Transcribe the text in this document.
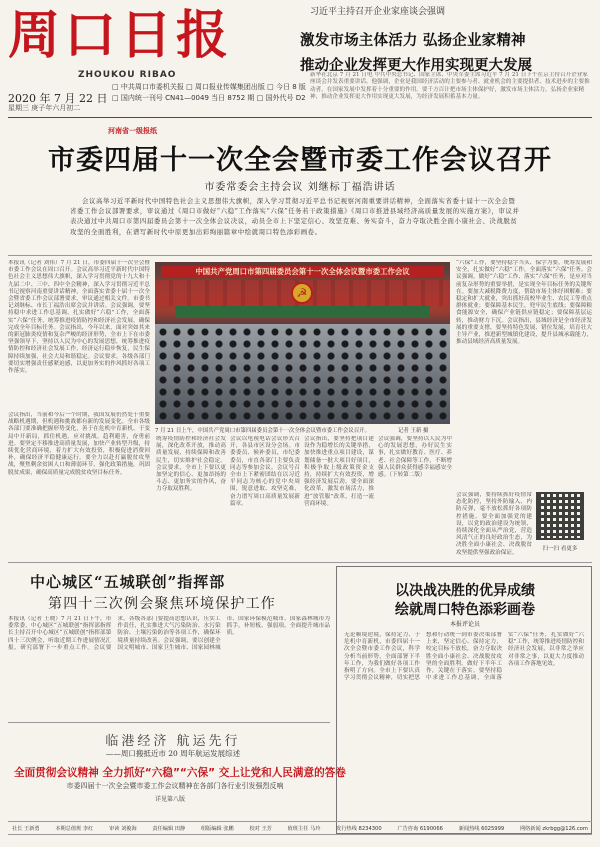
周口日报
ZHOUKOU RIBAO
2020 年 7 月 22 日
星期三 庚子年六月初二
□ 中共周口市委机关报 □ 周口报业传媒集团出版 □ 今日 8 版
□ 国内统一刊号 CN41—0049 当日 8752 期 □ 国外代号 D2
习近平主持召开企业家座谈会强调
激发市场主体活力 弘扬企业家精神
推动企业发挥更大作用实现更大发展
新华社北京 7 月 21 日电 中共中央总书记、国家主席、中央军委主席习近平 7 月 21 日下午在京主持召开企业家座谈会并发表重要讲话。他强调，企业是我国经济活动的主要参与者、就业机会的主要提供者、技术进步的主要推动者，在国家发展中发挥着十分重要的作用。要千方百计把市场主体保护好，激发市场主体活力，弘扬企业家精神，推动企业发挥更大作用实现更大发展，为经济发展积蓄基本力量。
河南省一级报纸
市委四届十一次全会暨市委工作会议召开
市委常委会主持会议 刘继标丁福浩讲话
会议高举习近平新时代中国特色社会主义思想伟大旗帜，深入学习贯彻习近平总书记视察河南重要讲话精神，全面落实省委十届十一次全会暨省委工作会议部署要求，审议通过《周口市做好“六稳”工作落实“六保”任务若干政策措施》《周口市推进县域经济高质量发展的实施方案》，审议并表决通过中共周口市第四届委员会第十一次全体会议决议，动员全市上下坚定信心、攻坚克难、务实奋斗，奋力夺取决胜全面小康社会、决战脱贫攻坚的全面胜利，在谱写新时代中原更加出彩绚丽篇章中绘就周口特色添彩画卷。
本报讯（记者 刘伟）7 月 21 日，市委四届十一次全会暨市委工作会议在周口召开。会议高举习近平新时代中国特色社会主义思想伟大旗帜，深入学习贯彻党的十九大和十九届二中、三中、四中全会精神，深入学习贯彻习近平总书记视察河南重要讲话精神，全面落实省委十届十一次全会暨省委工作会议部署要求，审议通过相关文件。市委书记刘继标、市长丁福浩出席会议并讲话。会议强调，要坚持稳中求进工作总基调，扎实做好“六稳”工作，全面落实“六保”任务，统筹推进疫情防控和经济社会发展，确保完成全年目标任务。会议指出，今年以来，面对突如其来的新冠肺炎疫情和复杂严峻的经济形势，全市上下在市委坚强领导下，坚持以人民为中心的发展思想，统筹推进疫情防控和经济社会发展工作，经济运行稳步恢复，民生保障持续加强，社会大局和谐稳定。会议要求，各级各部门要切实增强责任感紧迫感，以更加务实的作风抓好各项工作落实。
会议指出，当前和今后一个时期，我国发展仍然处于重要战略机遇期，但机遇和挑战都有新的发展变化。全市各级各部门要准确把握形势变化，善于在危机中育新机、于变局中开新局，抓住机遇，应对挑战，趋利避害，奋勇前进。要坚定不移推进高质量发展，加快产业转型升级，持续优化营商环境，着力扩大有效投资，积极促进消费回补，确保经济平稳健康运行。要全力以赴打赢脱贫攻坚战，聚焦剩余贫困人口和薄弱环节，强化政策措施，巩固脱贫成果，确保高质量完成脱贫攻坚目标任务。
中国共产党周口市第四届委员会第十一次全体会议暨市委工作会议
☭
7 月 21 日上午，中国共产党周口市第四届委员会第十一次全体会议暨市委工作会议召开。	记者 王新 摄
“六保”工作，要坚持稳字当头、保字为要，统筹发展和安全，扎实做好“六稳”工作，全面落实“六保”任务。会议强调，做好“六稳”工作、落实“六保”任务，是应对当前复杂形势的重要举措，是实现全年目标任务的关键所在。要加大减税降费力度，帮助市场主体纾困解难；要稳定和扩大就业，突出抓好高校毕业生、农民工等重点群体就业；要保障基本民生，兜牢民生底线；要保障粮食能源安全，确保产业链供应链稳定；要保障基层运转，推动财力下沉。会议指出，县域经济是全市经济发展的重要支撑，要坚持特色发展、错位发展，培育壮大主导产业，推进新型城镇化建设，提升县城承载能力，推动县域经济高质量发展。
会议强调，要持续抓好疫情常态化防控，坚持外防输入、内防反弹，毫不放松抓好各项防控措施。要全面加强党的建设，以党的政治建设为统领，持续深化全面从严治党，营造风清气正的良好政治生态，为决胜全面小康社会、决战脱贫攻坚提供坚强政治保证。
扫一扫 看更多
统筹疫情防控和经济社会发展，深化改革开放，推动高质量发展，持续保障和改善民生，切实维护社会稳定。会议要求，全市上下要以更加坚定的信心、更加昂扬的斗志、更加务实的作风，奋力夺取双胜利。
会议以电视电话会议形式召开，各县市区设分会场。市委委员、候补委员，市纪委委员，市直各部门主要负责同志等参加会议。会议号召全市上下紧密团结在以习近平同志为核心的党中央周围，锐意进取、攻坚克难，奋力谱写周口高质量发展新篇章。
会议指出，要坚持把项目建设作为稳增长的关键举措，加快推进重点项目建设，谋划储备一批大项目好项目，积极争取上级政策资金支持，持续扩大有效投资，增强经济发展后劲。要全面深化改革，激发市场活力，推进“放管服”改革，打造一流营商环境。
会议强调，要坚持以人民为中心的发展思想，办好民生实事，扎实做好教育、医疗、养老、社会保障等工作，不断增强人民群众获得感幸福感安全感。（下转第二版）
中心城区“五城联创”指挥部
第四十三次例会聚焦环境保护工作
本报讯（记者 王晓）7 月 21 日下午，市委常委、中心城区“五城联创”指挥部指挥长主持召开中心城区“五城联创”指挥部第四十三次例会，听取近期工作进展情况汇报，研究部署下一步重点工作。会议要求，各级各部门要提高思想认识，压实工作责任，扎实推进大气污染防治、水污染防治、土壤污染防治等各项工作，确保环境质量持续改善。会议强调，要以创建全国文明城市、国家卫生城市、国家园林城市、国家环保模范城市、国家森林城市为抓手，补短板、强弱项，全面提升城市品质。
以决战决胜的优异成绩
绘就周口特色添彩画卷
本报评论员
无论顺境逆境，保持定力、于危机中育新机，市委四届十一次全会暨市委工作会议，科学分析当前形势，全面部署下半年工作，为我们做好各项工作指明了方向。全市上下要认真学习贯彻会议精神，切实把思想和行动统一到市委决策部署上来，坚定信心、保持定力，咬定目标不放松，奋力夺取决胜全面小康社会、决战脱贫攻坚的全面胜利。做好下半年工作，关键在于落实。要坚持稳中求进工作总基调，全面落实“六保”任务，扎实做好“六稳”工作，统筹推进疫情防控和经济社会发展，以非常之举应对非常之事，以更大力度推动各项工作落地见效。
临港经济 航运先行
——周口搬抵近市 20 周年航运发展综述
全面贯彻会议精神 全力抓好“六稳”“六保” 交上让党和人民满意的答卷
市委四届十一次全会暨市委工作会议精神在各部门各行业引发强烈反响
详见第八版
社长 王新勇	本期总值班 李红	审读 刘俊海	责任编辑 田静	组版编辑 张鹏	校对 王芳	值班主任 马玲	发行热线 8234300	广告咨询 6190066	新闻热线 6025999	网络新闻 zkrbgg@126.com
